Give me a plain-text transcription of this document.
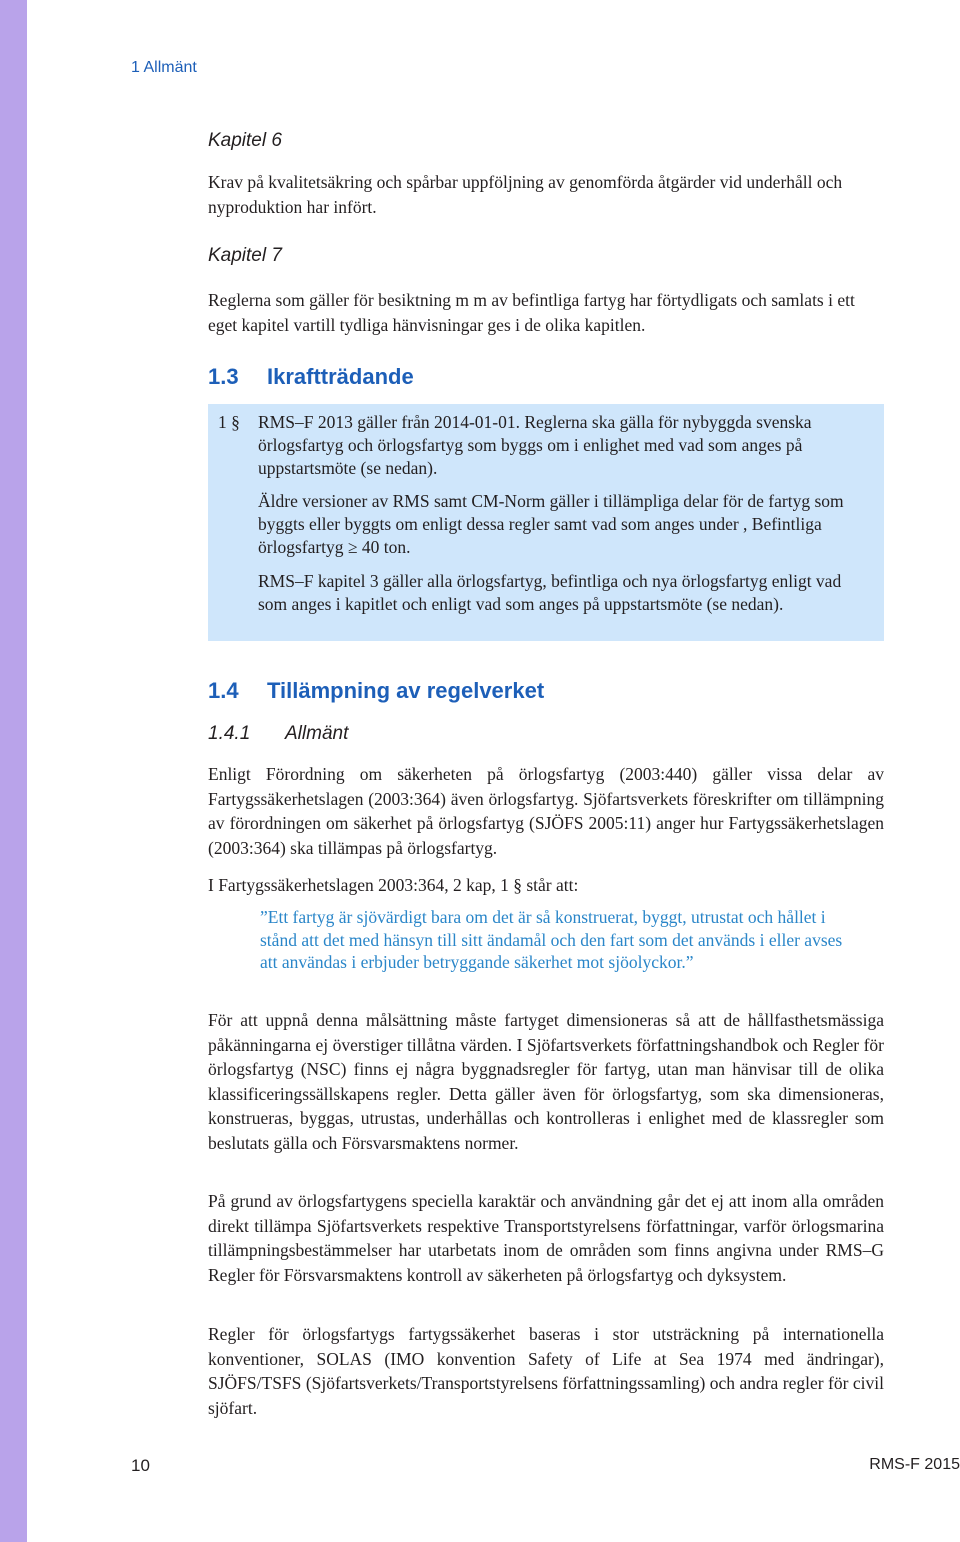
1 Allmänt
Kapitel 6
Krav på kvalitetsäkring och spårbar uppföljning av genomförda åtgärder vid underhåll och nyproduktion har infört.
Kapitel 7
Reglerna som gäller för besiktning m m av befintliga fartyg har förtydligats och samlats i ett eget kapitel vartill tydliga hänvisningar ges i de olika kapitlen.
1.3 Ikraftträdande
1 § RMS–F 2013 gäller från 2014-01-01. Reglerna ska gälla för nybyggda svenska örlogsfartyg och örlogsfartyg som byggs om i enlighet med vad som anges på uppstartsmöte (se nedan).
Äldre versioner av RMS samt CM-Norm gäller i tillämpliga delar för de fartyg som byggts eller byggts om enligt dessa regler samt vad som anges under , Befintliga örlogsfartyg ≥ 40 ton.
RMS–F kapitel 3 gäller alla örlogsfartyg, befintliga och nya örlogsfartyg enligt vad som anges i kapitlet och enligt vad som anges på uppstartsmöte (se nedan).
1.4 Tillämpning av regelverket
1.4.1 Allmänt
Enligt Förordning om säkerheten på örlogsfartyg (2003:440) gäller vissa delar av Fartygssäkerhetslagen (2003:364) även örlogsfartyg. Sjöfartsverkets föreskrifter om tillämpning av förordningen om säkerhet på örlogsfartyg (SJÖFS 2005:11) anger hur Fartygssäkerhetslagen (2003:364) ska tillämpas på örlogsfartyg.
I Fartygssäkerhetslagen 2003:364, 2 kap, 1 § står att:
”Ett fartyg är sjövärdigt bara om det är så konstruerat, byggt, utrustat och hållet i stånd att det med hänsyn till sitt ändamål och den fart som det används i eller avses att användas i erbjuder betryggande säkerhet mot sjöolyckor.”
För att uppnå denna målsättning måste fartyget dimensioneras så att de hållfasthetsmässiga påkänningarna ej överstiger tillåtna värden. I Sjöfartsverkets författningshandbok och Regler för örlogsfartyg (NSC) finns ej några byggnadsregler för fartyg, utan man hänvisar till de olika klassificeringssällskapens regler. Detta gäller även för örlogsfartyg, som ska dimensioneras, konstrueras, byggas, utrustas, underhållas och kontrolleras i enlighet med de klassregler som beslutats gälla och Försvarsmaktens normer.
På grund av örlogsfartygens speciella karaktär och användning går det ej att inom alla områden direkt tillämpa Sjöfartsverkets respektive Transportstyrelsens författningar, varför örlogsmarina tillämpningsbestämmelser har utarbetats inom de områden som finns angivna under RMS–G Regler för Försvarsmaktens kontroll av säkerheten på örlogsfartyg och dyksystem.
Regler för örlogsfartygs fartygssäkerhet baseras i stor utsträckning på internationella konventioner, SOLAS (IMO konvention Safety of Life at Sea 1974 med ändringar), SJÖFS/TSFS (Sjöfartsverkets/Transportstyrelsens författningssamling) och andra regler för civil sjöfart.
10	RMS-F 2015
